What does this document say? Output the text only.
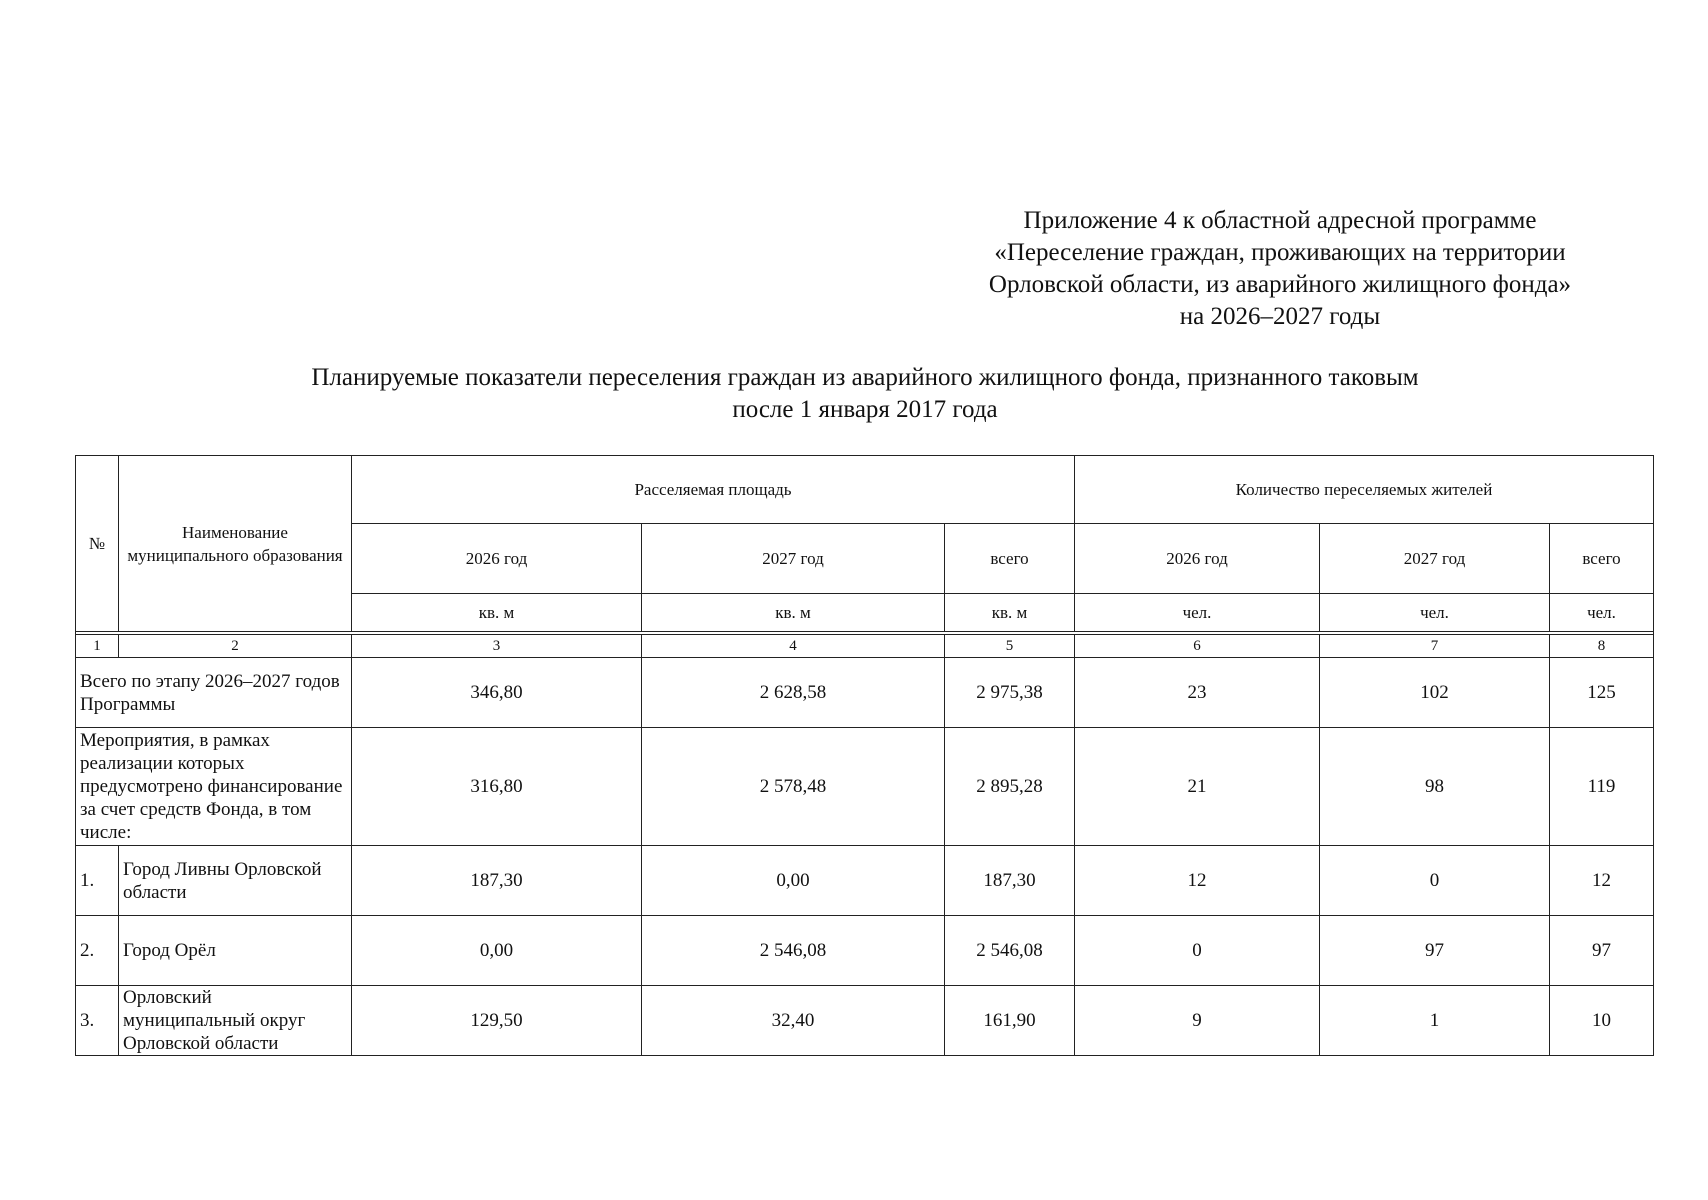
Приложение 4 к областной адресной программе
«Переселение граждан, проживающих на территории
Орловской области, из аварийного жилищного фонда»
на 2026–2027 годы
Планируемые показатели переселения граждан из аварийного жилищного фонда, признанного таковым
после 1 января 2017 года
№	Наименование муниципального образования	Расселяемая площадь			Количество переселяемых жителей		
		2026 год	2027 год	всего	2026 год	2027 год	всего
		кв. м	кв. м	кв. м	чел.	чел.	чел.

1	2	3	4	5	6	7	8
Всего по этапу 2026–2027 годов Программы		346,80	2 628,58	2 975,38	23	102	125
Мероприятия, в рамках реализации которых предусмотрено финансирование за счет средств Фонда, в том числе:		316,80	2 578,48	2 895,28	21	98	119
1.	Город Ливны Орловской области	187,30	0,00	187,30	12	0	12
2.	Город Орёл	0,00	2 546,08	2 546,08	0	97	97
3.	Орловский муниципальный округ Орловской области	129,50	32,40	161,90	9	1	10
